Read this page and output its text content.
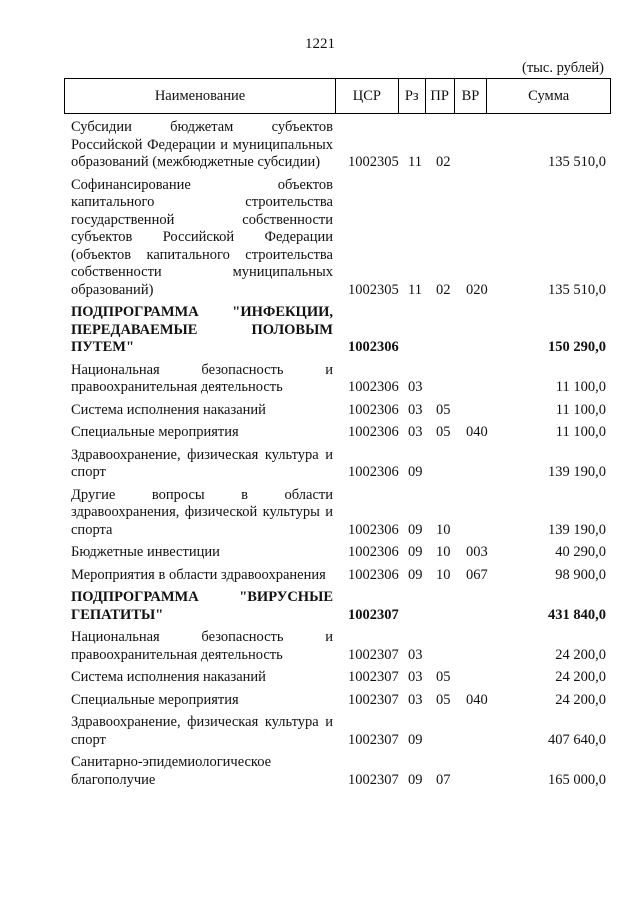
1221
(тыс. рублей)
Наименование	ЦСР	Рз ПР ВР	Сумма
Субсидии бюджетам субъектов Российской Федерации и муниципальных образований (межбюджетные субсидии)	1002305 11 02	135 510,0
Софинансирование объектов капитального строительства государственной собственности субъектов Российской Федерации (объектов капитального строительства собственности муниципальных образований)	1002305 11 02	020	135 510,0
ПОДПРОГРАММА "ИНФЕКЦИИ, ПЕРЕДАВАЕМЫЕ ПОЛОВЫМ ПУТЕМ"	1002306	150 290,0
Национальная безопасность и правоохранительная деятельность	1002306 03	11 100,0
Система исполнения наказаний	1002306 03 05	11 100,0
Специальные мероприятия	1002306 03 05	040	11 100,0
Здравоохранение, физическая культура и спорт	1002306 09	139 190,0
Другие вопросы в области здравоохранения, физической культуры и спорта	1002306 09 10	139 190,0
Бюджетные инвестиции	1002306 09 10	003	40 290,0
Мероприятия в области здравоохранения	1002306 09 10	067	98 900,0
ПОДПРОГРАММА "ВИРУСНЫЕ ГЕПАТИТЫ"	1002307	431 840,0
Национальная безопасность и правоохранительная деятельность	1002307 03	24 200,0
Система исполнения наказаний	1002307 03 05	24 200,0
Специальные мероприятия	1002307 03 05	040	24 200,0
Здравоохранение, физическая культура и спорт	1002307 09	407 640,0
Санитарно-эпидемиологическое благополучие	1002307 09 07	165 000,0
